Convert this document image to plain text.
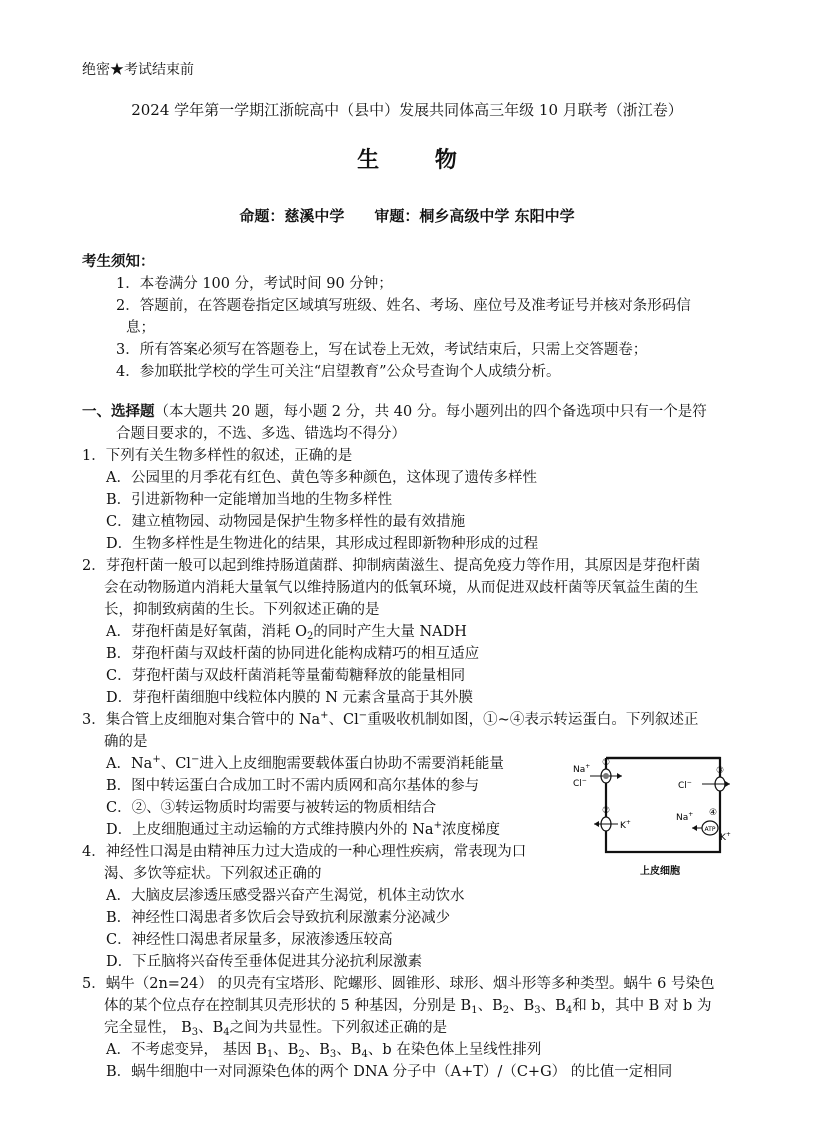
绝密★考试结束前
2024 学年第一学期江浙皖高中（县中）发展共同体高三年级 10 月联考（浙江卷）
生 物
命题：慈溪中学　　审题：桐乡高级中学 东阳中学
考生须知：
1．本卷满分 100 分，考试时间 90 分钟；
2．答题前，在答题卷指定区域填写班级、姓名、考场、座位号及准考证号并核对条形码信
息；
3．所有答案必须写在答题卷上，写在试卷上无效，考试结束后，只需上交答题卷；
4．参加联批学校的学生可关注“启望教育”公众号查询个人成绩分析。
一、选择题（本大题共 20 题，每小题 2 分，共 40 分。每小题列出的四个备选项中只有一个是符
合题目要求的，不选、多选、错选均不得分）
1．下列有关生物多样性的叙述，正确的是
A．公园里的月季花有红色、黄色等多种颜色，这体现了遗传多样性
B．引进新物种一定能增加当地的生物多样性
C．建立植物园、动物园是保护生物多样性的最有效措施
D．生物多样性是生物进化的结果，其形成过程即新物种形成的过程
2．芽孢杆菌一般可以起到维持肠道菌群、抑制病菌滋生、提高免疫力等作用，其原因是芽孢杆菌
会在动物肠道内消耗大量氧气以维持肠道内的低氧环境，从而促进双歧杆菌等厌氧益生菌的生
长，抑制致病菌的生长。下列叙述正确的是
A．芽孢杆菌是好氧菌，消耗 $O_2$的同时产生大量 NADH
B．芽孢杆菌与双歧杆菌的协同进化能构成精巧的相互适应
C．芽孢杆菌与双歧杆菌消耗等量葡萄糖释放的能量相同
D．芽孢杆菌细胞中线粒体内膜的 N 元素含量高于其外膜
3．集合管上皮细胞对集合管中的 Na+、Cl−重吸收机制如图，①~④表示转运蛋白。下列叙述正
确的是
A．Na+、Cl−进入上皮细胞需要载体蛋白协助不需要消耗能量
B．图中转运蛋白合成加工时不需内质网和高尔基体的参与
C．②、③转运物质时均需要与被转运的物质相结合
D．上皮细胞通过主动运输的方式维持膜内外的 Na+浓度梯度
①
Na+
Cl−
②
K+
③
Cl−
ATP
④
Na+
K+
上皮细胞
4．神经性口渴是由精神压力过大造成的一种心理性疾病，常表现为口
渴、多饮等症状。下列叙述正确的
A．大脑皮层渗透压感受器兴奋产生渴觉，机体主动饮水
B．神经性口渴患者多饮后会导致抗利尿激素分泌减少
C．神经性口渴患者尿量多，尿液渗透压较高
D．下丘脑将兴奋传至垂体促进其分泌抗利尿激素
5．蜗牛（2n=24） 的贝壳有宝塔形、陀螺形、圆锥形、球形、烟斗形等多种类型。蜗牛 6 号染色
体的某个位点存在控制其贝壳形状的 5 种基因，分别是 $B_1$、$B_2$、$B_3$、$B_4$和 b，其中 B 对 b 为
完全显性， $B_3$、$B_4$之间为共显性。下列叙述正确的是
A．不考虑变异， 基因 $B_1$、$B_2$、$B_3$、$B_4$、b 在染色体上呈线性排列
B．蜗牛细胞中一对同源染色体的两个 DNA 分子中（A+T）/（C+G） 的比值一定相同
